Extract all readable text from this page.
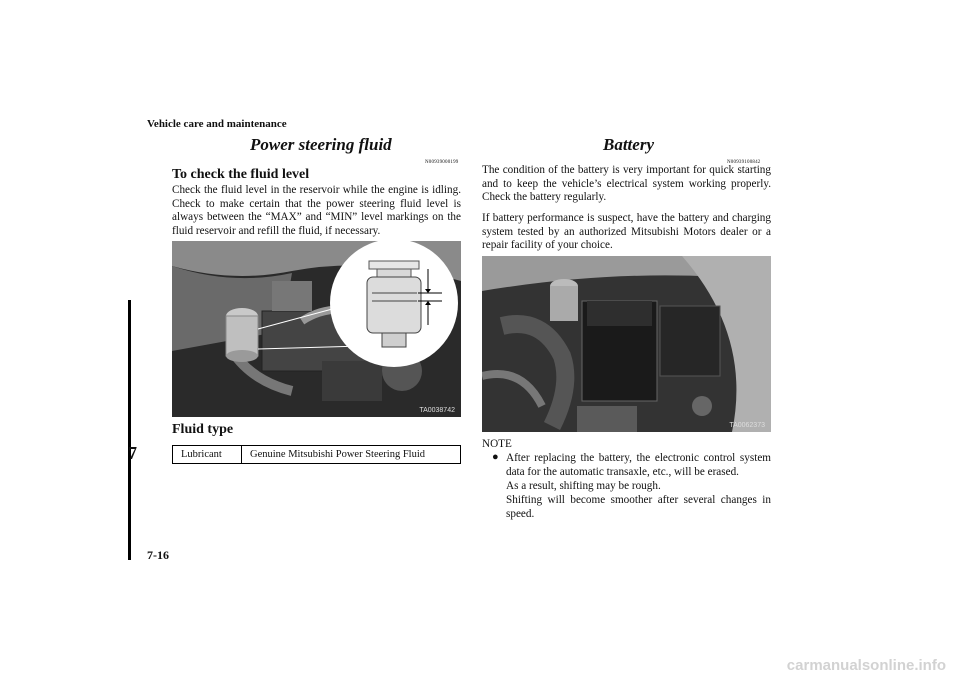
Vehicle care and maintenance
7
7-16
Power steering fluid
N00939000199
To check the fluid level
Check the fluid level in the reservoir while the engine is idling. Check to make certain that the power steering fluid level is always between the “MAX” and “MIN” level markings on the fluid reservoir and refill the fluid, if necessary.
TA0038742
Fluid type
Lubricant	Genuine Mitsubishi Power Steering Fluid
Battery
N00939100842
The condition of the battery is very important for quick starting and to keep the vehicle’s electrical system working properly. Check the battery regularly.
If battery performance is suspect, have the battery and charging system tested by an authorized Mitsubishi Motors dealer or a repair facility of your choice.
TA0062373
NOTE
● After replacing the battery, the electronic control system data for the automatic transaxle, etc., will be erased.
As a result, shifting may be rough.
Shifting will become smoother after several changes in speed.
carmanualsonline.info
